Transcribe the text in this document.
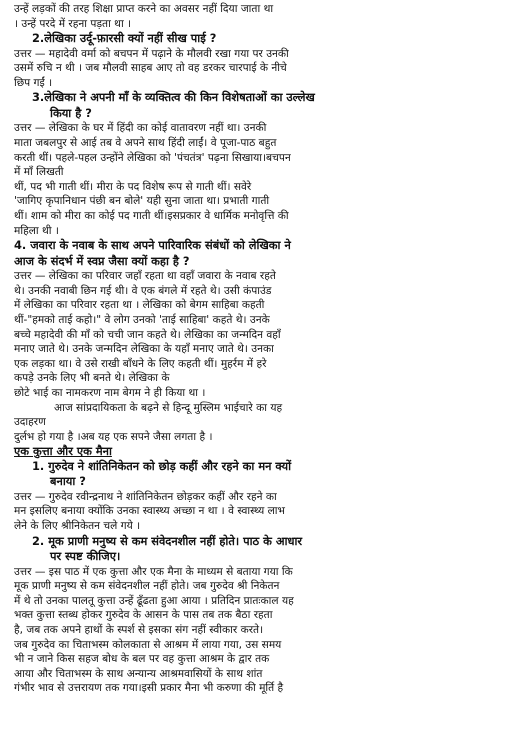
उन्हें लड़कों की तरह शिक्षा प्राप्त करने का अवसर नहीं दिया जाता था
। उन्हें परदे में रहना पड़ता था ।
2.लेखिका उर्दू-फ़ारसी क्यों नहीं सीख पाई ?
उत्तर — महादेवी वर्मा को बचपन में पढ़ाने के मौलवी रखा गया पर उनकी
उसमें रुचि न थी । जब मौलवी साहब आए तो वह डरकर चारपाई के नीचे
छिप गईं ।
3.लेखिका ने अपनी माँ के व्यक्तित्व की किन विशेषताओं का उल्लेख
किया है ?
उत्तर — लेखिका के घर में हिंदी का कोई वातावरण नहीं था। उनकी
माता जबलपुर से आई तब वे अपने साथ हिंदी लाईं। वे पूजा-पाठ बहुत
करती थीं। पहले-पहल उन्होंने लेखिका को 'पंचतंत्र' पढ़ना सिखाया।बचपन
में माँ लिखती
थीं, पद भी गाती थीं। मीरा के पद विशेष रूप से गाती थीं। सवेरे
'जागिए कृपानिधान पंछी बन बोले' यही सुना जाता था। प्रभाती गाती
थीं। शाम को मीरा का कोई पद गाती थीं।इसप्रकार वे धार्मिक मनोवृत्ति की
महिला थी ।
4. जवारा के नवाब के साथ अपने पारिवारिक संबंधों को लेखिका ने
आज के संदर्भ में स्वप्न जैसा क्यों कहा है ?
उत्तर — लेखिका का परिवार जहाँ रहता था वहाँ जवारा के नवाब रहते
थे। उनकी नवाबी छिन गई थी। वे एक बंगले में रहते थे। उसी कंपाउंड
में लेखिका का परिवार रहता था । लेखिका को बेगम साहिबा कहती
थीं-"हमको ताई कहो।" वे लोग उनको 'ताई साहिबा' कहते थे। उनके
बच्चे महादेवी की माँ को चची जान कहते थे। लेखिका का जन्मदिन वहाँ
मनाए जाते थे। उनके जन्मदिन लेखिका के यहाँ मनाए जाते थे। उनका
एक लड़का था। वे उसे राखी बाँधने के लिए कहती थीं। मुहर्रम में हरे
कपड़े उनके लिए भी बनते थे। लेखिका के
छोटे भाई का नामकरण नाम बेगम ने ही किया था ।
आज सांप्रदायिकता के बढ़ने से हिन्दू मुस्लिम भाईचारे का यह
उदाहरण
दुर्लभ हो गया है ।अब यह एक सपने जैसा लगता है ।
एक कुत्ता और एक मैना
1. गुरुदेव ने शांतिनिकेतन को छोड़ कहीं और रहने का मन क्यों
बनाया ?
उत्तर — गुरुदेव रवीन्द्रनाथ ने शांतिनिकेतन छोड़कर कहीं और रहने का
मन इसलिए बनाया क्योंकि उनका स्वास्थ्य अच्छा न था । वे स्वास्थ्य लाभ
लेने के लिए श्रीनिकेतन चले गये ।
2. मूक प्राणी मनुष्य से कम संवेदनशील नहीं होते। पाठ के आधार
पर स्पष्ट कीजिए।
उत्तर — इस पाठ में एक कुत्ता और एक मैना के माध्यम से बताया गया कि
मूक प्राणी मनुष्य से कम संवेदनशील नहीं होते। जब गुरुदेव श्री निकेतन
में थे तो उनका पालतू कुत्ता उन्हें ढूँढता हुआ आया । प्रतिदिन प्रातःकाल यह
भक्त कुत्ता स्तब्ध होकर गुरुदेव के आसन के पास तब तक बैठा रहता
है, जब तक अपने हाथों के स्पर्श से इसका संग नहीं स्वीकार करते।
जब गुरुदेव का चिताभस्म कोलकाता से आश्रम में लाया गया, उस समय
भी न जाने किस सहज बोध के बल पर वह कुत्ता आश्रम के द्वार तक
आया और चिताभस्म के साथ अन्यान्य आश्रमवासियों के साथ शांत
गंभीर भाव से उत्तरायण तक गया।इसी प्रकार मैना भी करुणा की मूर्ति है
